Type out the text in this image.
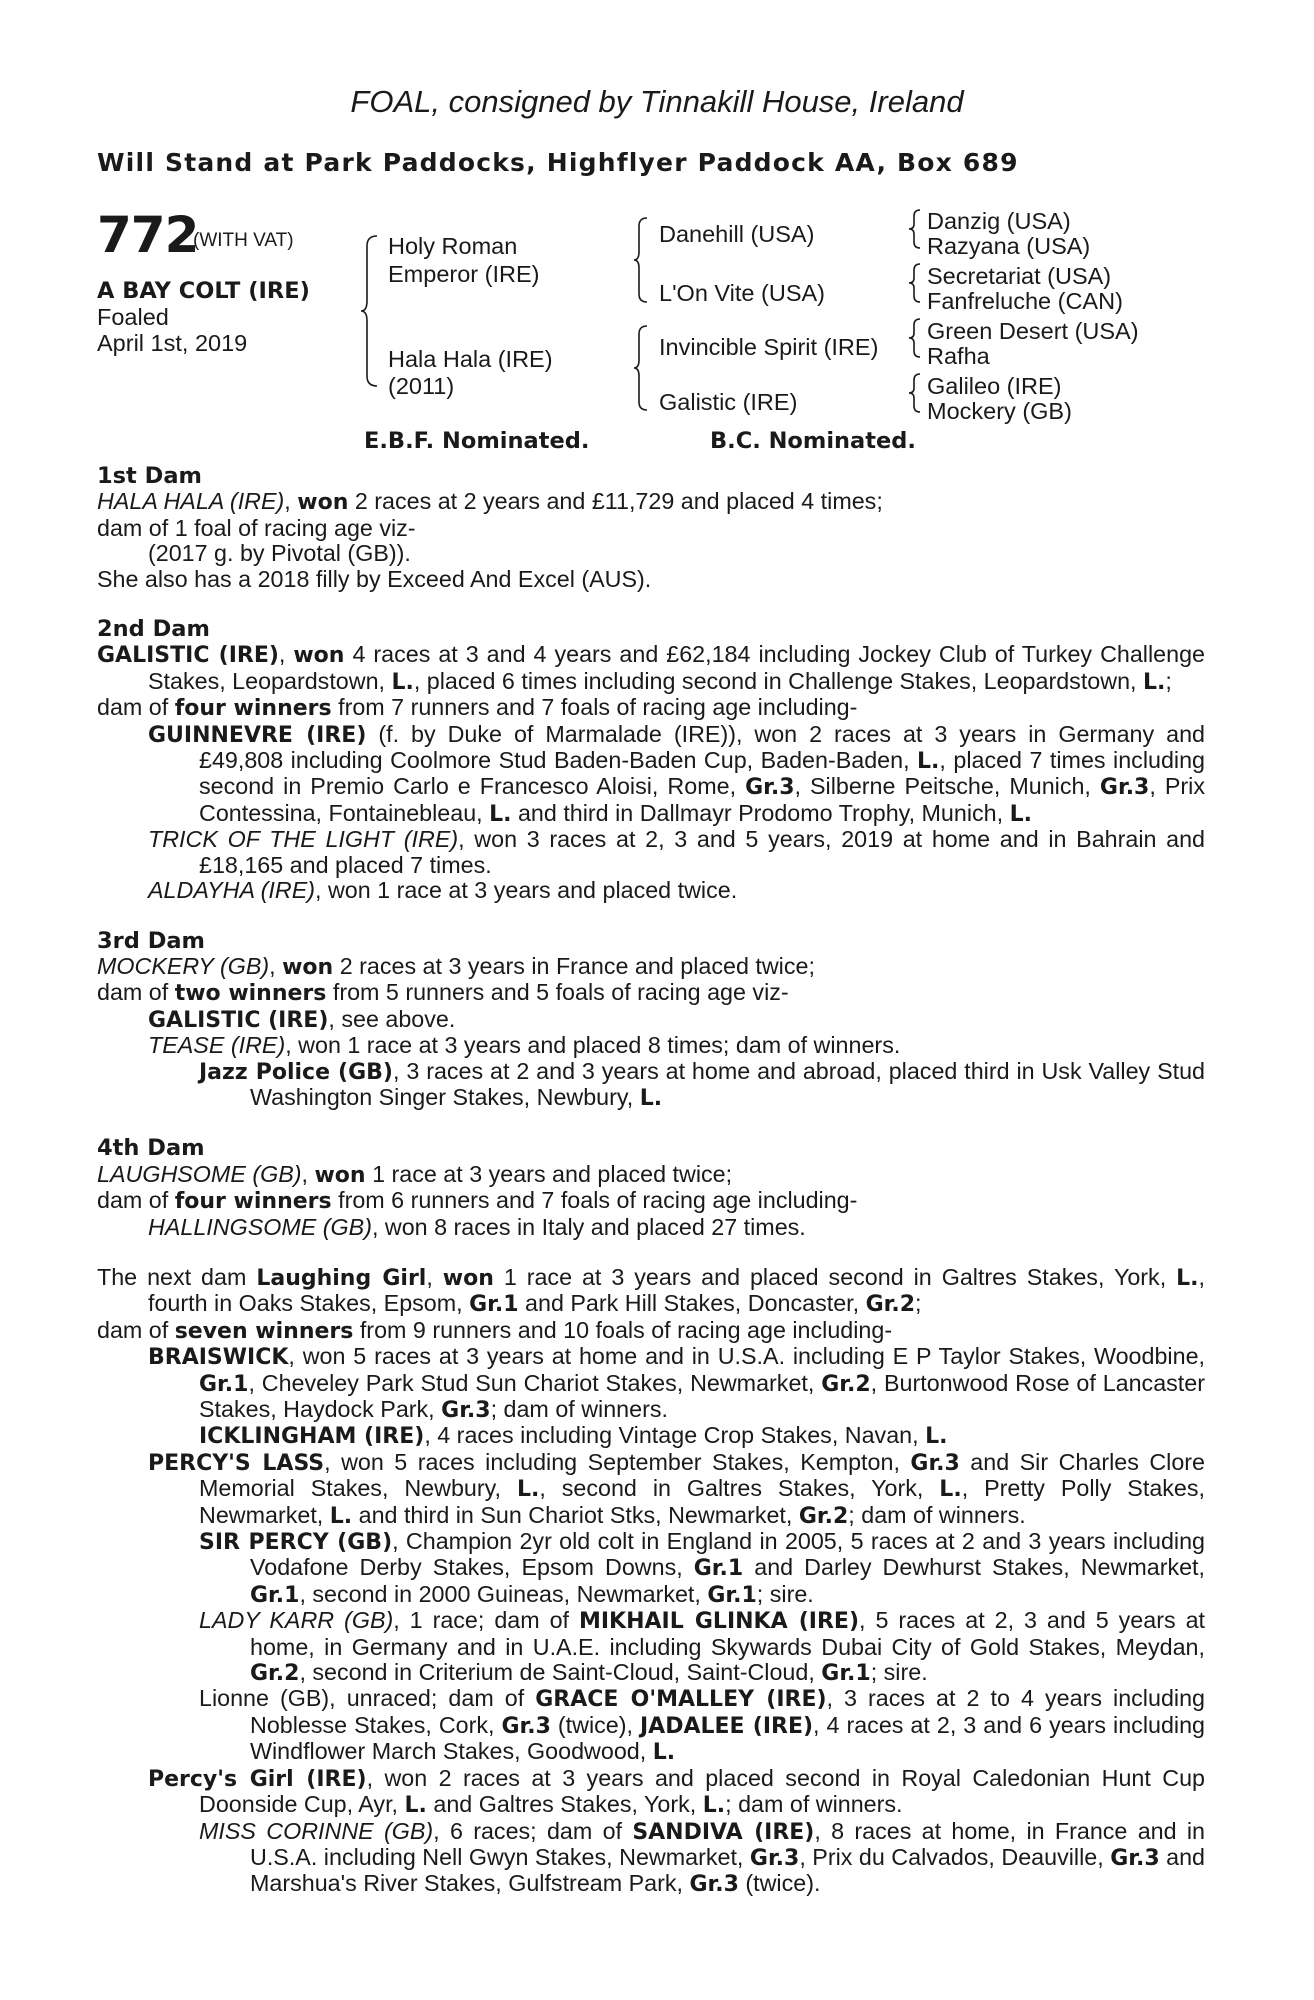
FOAL, consigned by Tinnakill House, Ireland
Will Stand at Park Paddocks, Highflyer Paddock AA, Box 689
772
(WITH VAT)
A BAY COLT (IRE)
Foaled
April 1st, 2019
Holy Roman
Emperor (IRE)
Hala Hala (IRE)
(2011)
Danehill (USA)
L'On Vite (USA)
Invincible Spirit (IRE)
Galistic (IRE)
Danzig (USA)
Razyana (USA)
Secretariat (USA)
Fanfreluche (CAN)
Green Desert (USA)
Rafha
Galileo (IRE)
Mockery (GB)
E.B.F. Nominated.	B.C. Nominated.

1st Dam

HALA HALA (IRE), won 2 races at 2 years and £11,729 and placed 4 times;

dam of 1 foal of racing age viz-

(2017 g. by Pivotal (GB)).

She also has a 2018 filly by Exceed And Excel (AUS).

2nd Dam

GALISTIC (IRE), won 4 races at 3 and 4 years and £62,184 including Jockey Club of Turkey Challenge Stakes, Leopardstown, L., placed 6 times including second in Challenge Stakes, Leopardstown, L.;

dam of four winners from 7 runners and 7 foals of racing age including-

GUINNEVRE (IRE) (f. by Duke of Marmalade (IRE)), won 2 races at 3 years in Germany and £49,808 including Coolmore Stud Baden-Baden Cup, Baden-Baden, L., placed 7 times including second in Premio Carlo e Francesco Aloisi, Rome, Gr.3, Silberne Peitsche, Munich, Gr.3, Prix Contessina, Fontainebleau, L. and third in Dallmayr Prodomo Trophy, Munich, L.

TRICK OF THE LIGHT (IRE), won 3 races at 2, 3 and 5 years, 2019 at home and in Bahrain and £18,165 and placed 7 times.

ALDAYHA (IRE), won 1 race at 3 years and placed twice.

3rd Dam

MOCKERY (GB), won 2 races at 3 years in France and placed twice;

dam of two winners from 5 runners and 5 foals of racing age viz-

GALISTIC (IRE), see above.

TEASE (IRE), won 1 race at 3 years and placed 8 times; dam of winners.

Jazz Police (GB), 3 races at 2 and 3 years at home and abroad, placed third in Usk Valley Stud Washington Singer Stakes, Newbury, L.

4th Dam

LAUGHSOME (GB), won 1 race at 3 years and placed twice;

dam of four winners from 6 runners and 7 foals of racing age including-

HALLINGSOME (GB), won 8 races in Italy and placed 27 times.

The next dam Laughing Girl, won 1 race at 3 years and placed second in Galtres Stakes, York, L., fourth in Oaks Stakes, Epsom, Gr.1 and Park Hill Stakes, Doncaster, Gr.2;

dam of seven winners from 9 runners and 10 foals of racing age including-

BRAISWICK, won 5 races at 3 years at home and in U.S.A. including E P Taylor Stakes, Woodbine, Gr.1, Cheveley Park Stud Sun Chariot Stakes, Newmarket, Gr.2, Burtonwood Rose of Lancaster Stakes, Haydock Park, Gr.3; dam of winners.

ICKLINGHAM (IRE), 4 races including Vintage Crop Stakes, Navan, L.

PERCY'S LASS, won 5 races including September Stakes, Kempton, Gr.3 and Sir Charles Clore Memorial Stakes, Newbury, L., second in Galtres Stakes, York, L., Pretty Polly Stakes, Newmarket, L. and third in Sun Chariot Stks, Newmarket, Gr.2; dam of winners.

SIR PERCY (GB), Champion 2yr old colt in England in 2005, 5 races at 2 and 3 years including Vodafone Derby Stakes, Epsom Downs, Gr.1 and Darley Dewhurst Stakes, Newmarket, Gr.1, second in 2000 Guineas, Newmarket, Gr.1; sire.

LADY KARR (GB), 1 race; dam of MIKHAIL GLINKA (IRE), 5 races at 2, 3 and 5 years at home, in Germany and in U.A.E. including Skywards Dubai City of Gold Stakes, Meydan, Gr.2, second in Criterium de Saint-Cloud, Saint-Cloud, Gr.1; sire.

Lionne (GB), unraced; dam of GRACE O'MALLEY (IRE), 3 races at 2 to 4 years including Noblesse Stakes, Cork, Gr.3 (twice), JADALEE (IRE), 4 races at 2, 3 and 6 years including Windflower March Stakes, Goodwood, L.

Percy's Girl (IRE), won 2 races at 3 years and placed second in Royal Caledonian Hunt Cup Doonside Cup, Ayr, L. and Galtres Stakes, York, L.; dam of winners.

MISS CORINNE (GB), 6 races; dam of SANDIVA (IRE), 8 races at home, in France and in U.S.A. including Nell Gwyn Stakes, Newmarket, Gr.3, Prix du Calvados, Deauville, Gr.3 and Marshua's River Stakes, Gulfstream Park, Gr.3 (twice).
